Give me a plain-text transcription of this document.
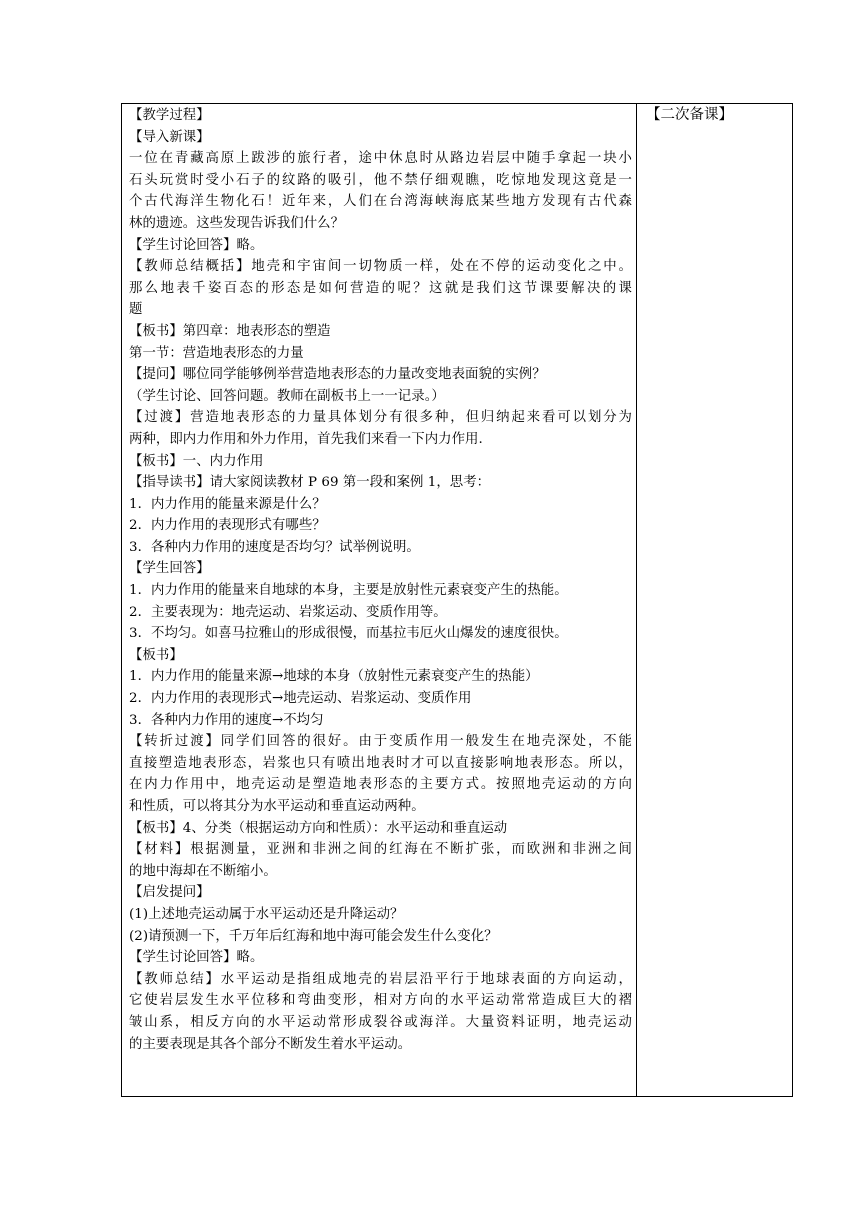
【教学过程】
【导入新课】
一位在青藏高原上跋涉的旅行者，途中休息时从路边岩层中随手拿起一块小
石头玩赏时受小石子的纹路的吸引，他不禁仔细观瞧，吃惊地发现这竟是一
个古代海洋生物化石！近年来，人们在台湾海峡海底某些地方发现有古代森
林的遗迹。这些发现告诉我们什么？
【学生讨论回答】略。
【教师总结概括】地壳和宇宙间一切物质一样，处在不停的运动变化之中。
那么地表千姿百态的形态是如何营造的呢？这就是我们这节课要解决的课
题
【板书】第四章：地表形态的塑造
第一节：营造地表形态的力量
【提问】哪位同学能够例举营造地表形态的力量改变地表面貌的实例？
（学生讨论、回答问题。教师在副板书上一一记录。）
【过渡】营造地表形态的力量具体划分有很多种，但归纳起来看可以划分为
两种，即内力作用和外力作用，首先我们来看一下内力作用.
【板书】一、内力作用
【指导读书】请大家阅读教材 P 69 第一段和案例 1，思考：
1．内力作用的能量来源是什么？
2．内力作用的表现形式有哪些？
3．各种内力作用的速度是否均匀？试举例说明。
【学生回答】
1．内力作用的能量来自地球的本身，主要是放射性元素衰变产生的热能。
2．主要表现为：地壳运动、岩浆运动、变质作用等。
3．不均匀。如喜马拉雅山的形成很慢，而基拉韦厄火山爆发的速度很快。
【板书】
1．内力作用的能量来源→地球的本身（放射性元素衰变产生的热能）
2．内力作用的表现形式→地壳运动、岩浆运动、变质作用
3．各种内力作用的速度→不均匀
【转折过渡】同学们回答的很好。由于变质作用一般发生在地壳深处，不能
直接塑造地表形态，岩浆也只有喷出地表时才可以直接影响地表形态。所以，
在内力作用中，地壳运动是塑造地表形态的主要方式。按照地壳运动的方向
和性质，可以将其分为水平运动和垂直运动两种。
【板书】4、分类（根据运动方向和性质）：水平运动和垂直运动
【材料】根据测量，亚洲和非洲之间的红海在不断扩张，而欧洲和非洲之间
的地中海却在不断缩小。
【启发提问】
(1)上述地壳运动属于水平运动还是升降运动？
(2)请预测一下，千万年后红海和地中海可能会发生什么变化？
【学生讨论回答】略。
【教师总结】水平运动是指组成地壳的岩层沿平行于地球表面的方向运动，
它使岩层发生水平位移和弯曲变形，相对方向的水平运动常常造成巨大的褶
皱山系，相反方向的水平运动常形成裂谷或海洋。大量资料证明，地壳运动
的主要表现是其各个部分不断发生着水平运动。
【二次备课】
